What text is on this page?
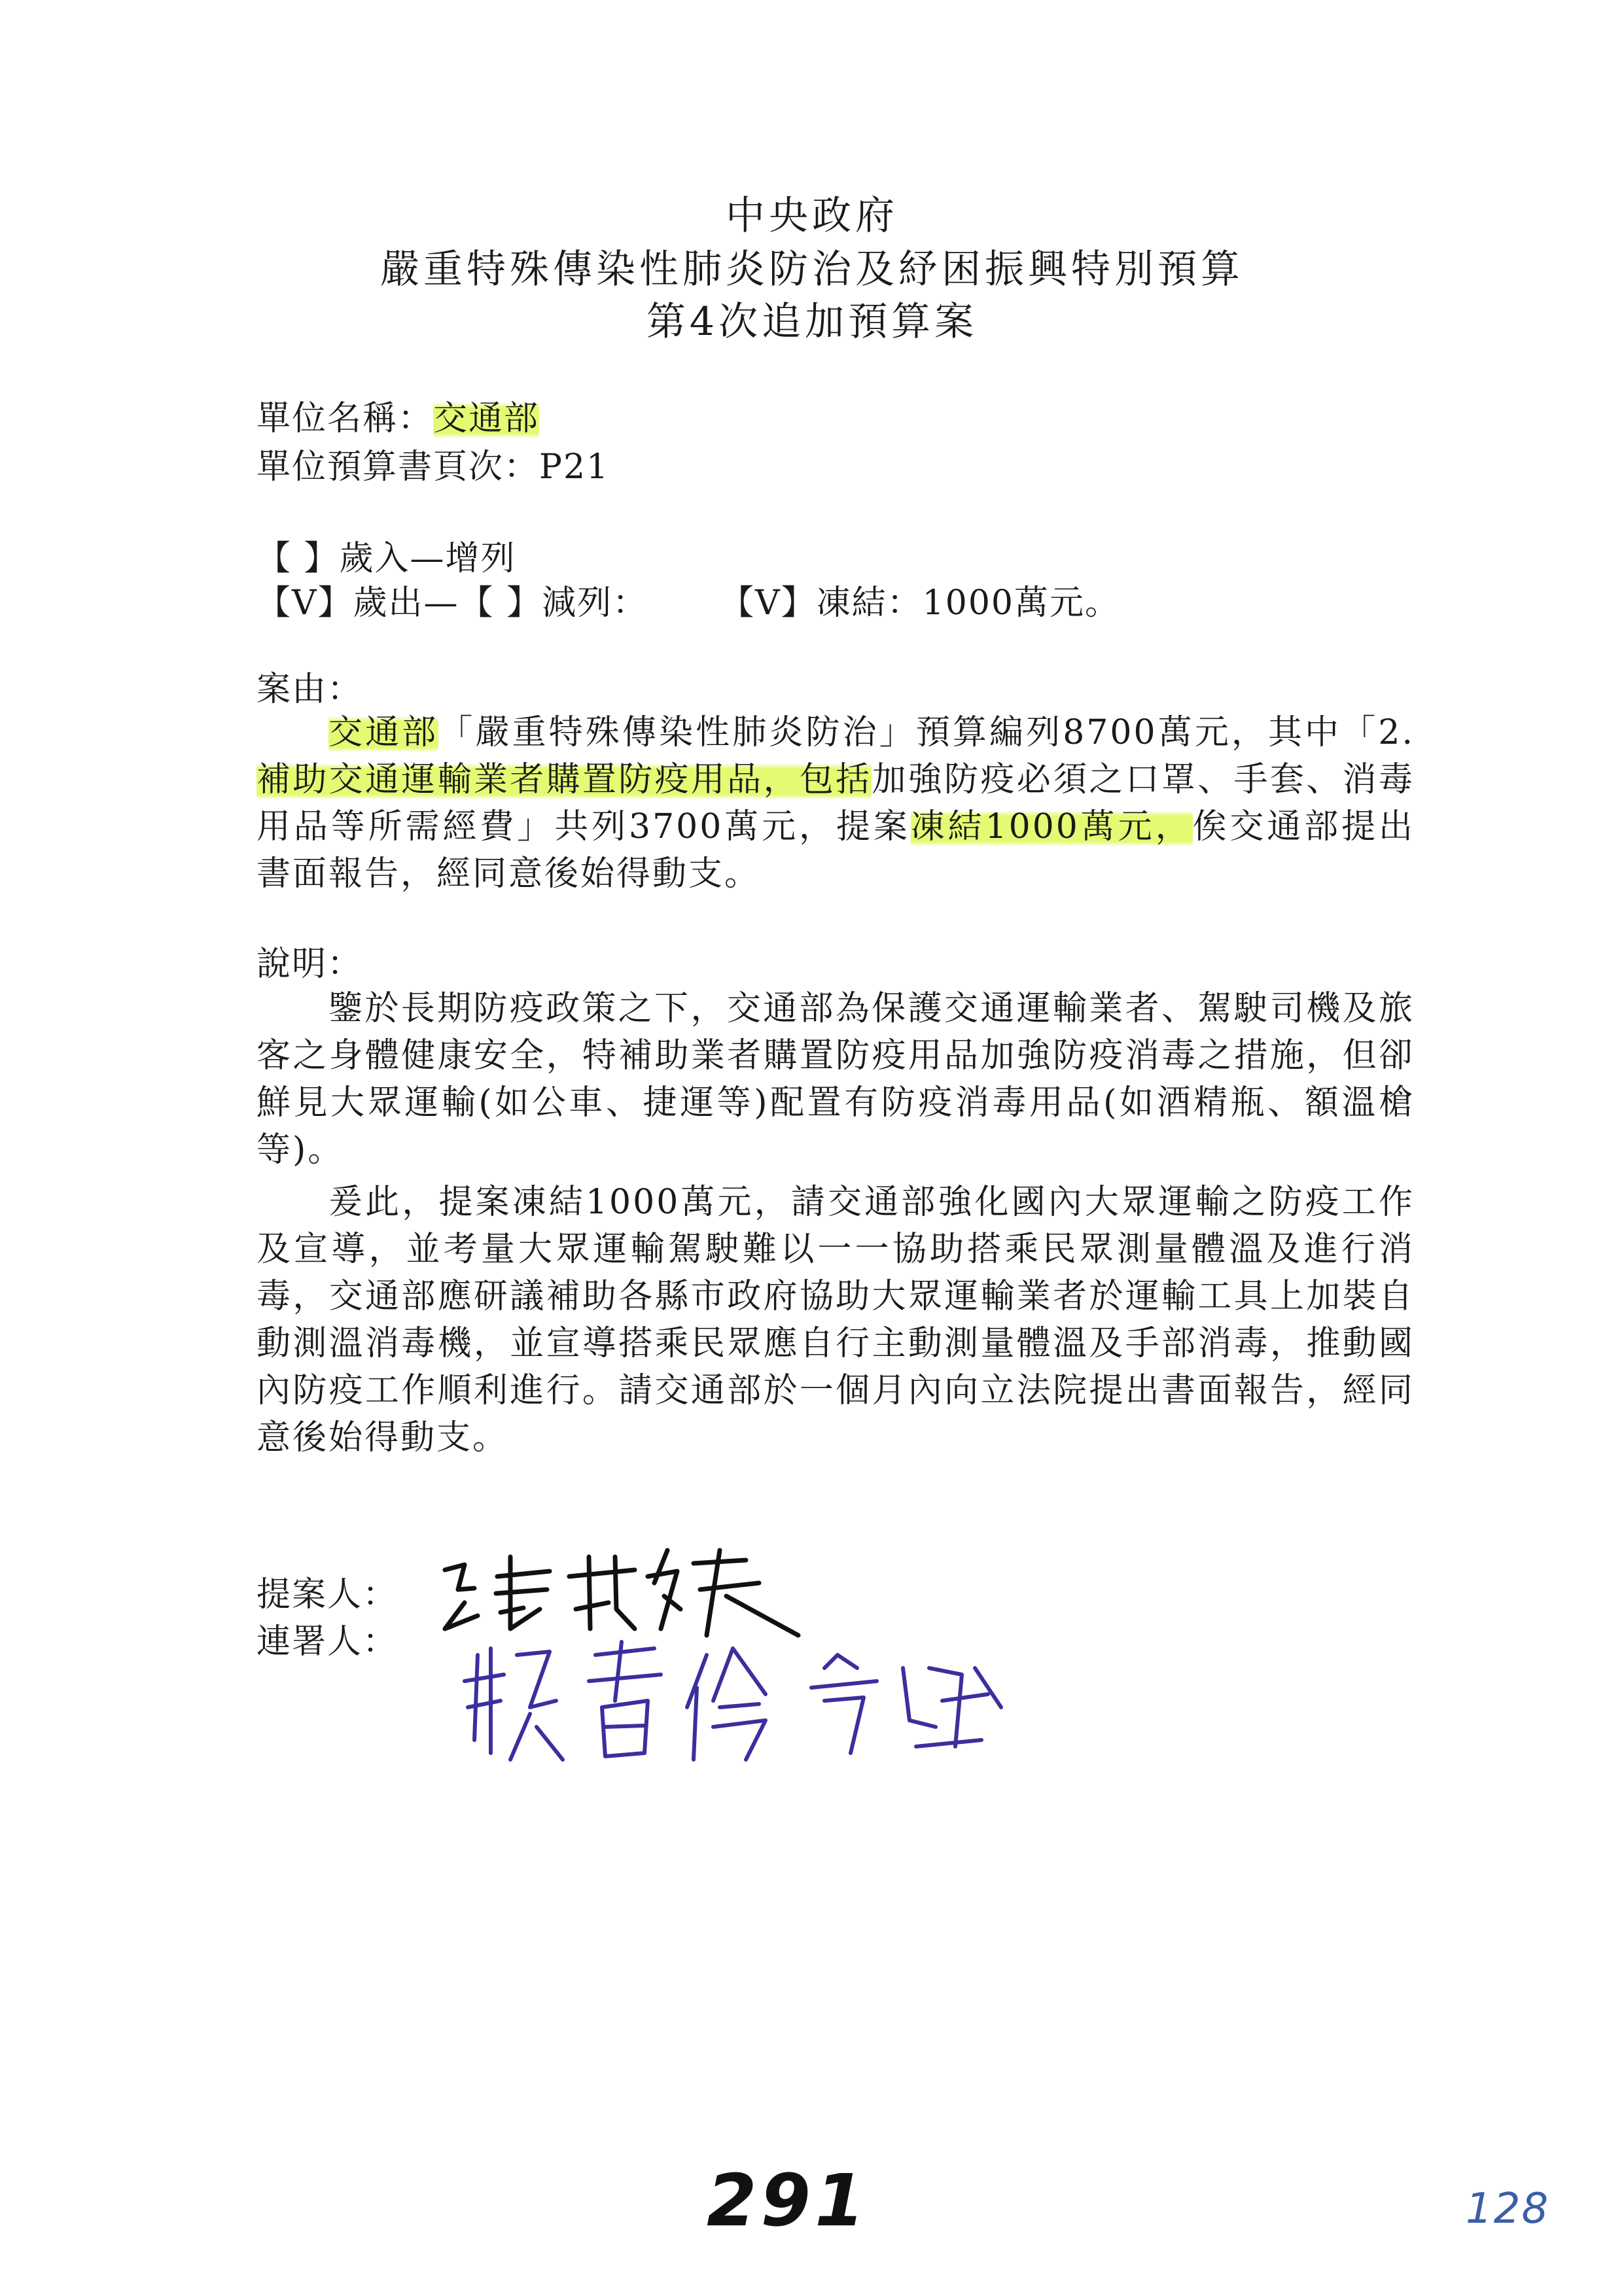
中央政府
嚴重特殊傳染性肺炎防治及紓困振興特別預算
第4次追加預算案
單位名稱：交通部
單位預算書頁次：P21
【 】歲入—增列
【V】歲出—【 】減列： 【V】凍結：1000萬元。
案由：
交通部「嚴重特殊傳染性肺炎防治」預算編列8700萬元，其中「2.補助交通運輸業者購置防疫用品，包括加強防疫必須之口罩、手套、消毒用品等所需經費」共列3700萬元，提案凍結1000萬元，俟交通部提出書面報告，經同意後始得動支。
說明：
鑒於長期防疫政策之下，交通部為保護交通運輸業者、駕駛司機及旅客之身體健康安全，特補助業者購置防疫用品加強防疫消毒之措施，但卻鮮見大眾運輸(如公車、捷運等)配置有防疫消毒用品(如酒精瓶、額溫槍等)。
爰此，提案凍結1000萬元，請交通部強化國內大眾運輸之防疫工作及宣導，並考量大眾運輸駕駛難以一一協助搭乘民眾測量體溫及進行消毒，交通部應研議補助各縣市政府協助大眾運輸業者於運輸工具上加裝自動測溫消毒機，並宣導搭乘民眾應自行主動測量體溫及手部消毒，推動國內防疫工作順利進行。請交通部於一個月內向立法院提出書面報告，經同意後始得動支。
提案人：
連署人：
291	128
